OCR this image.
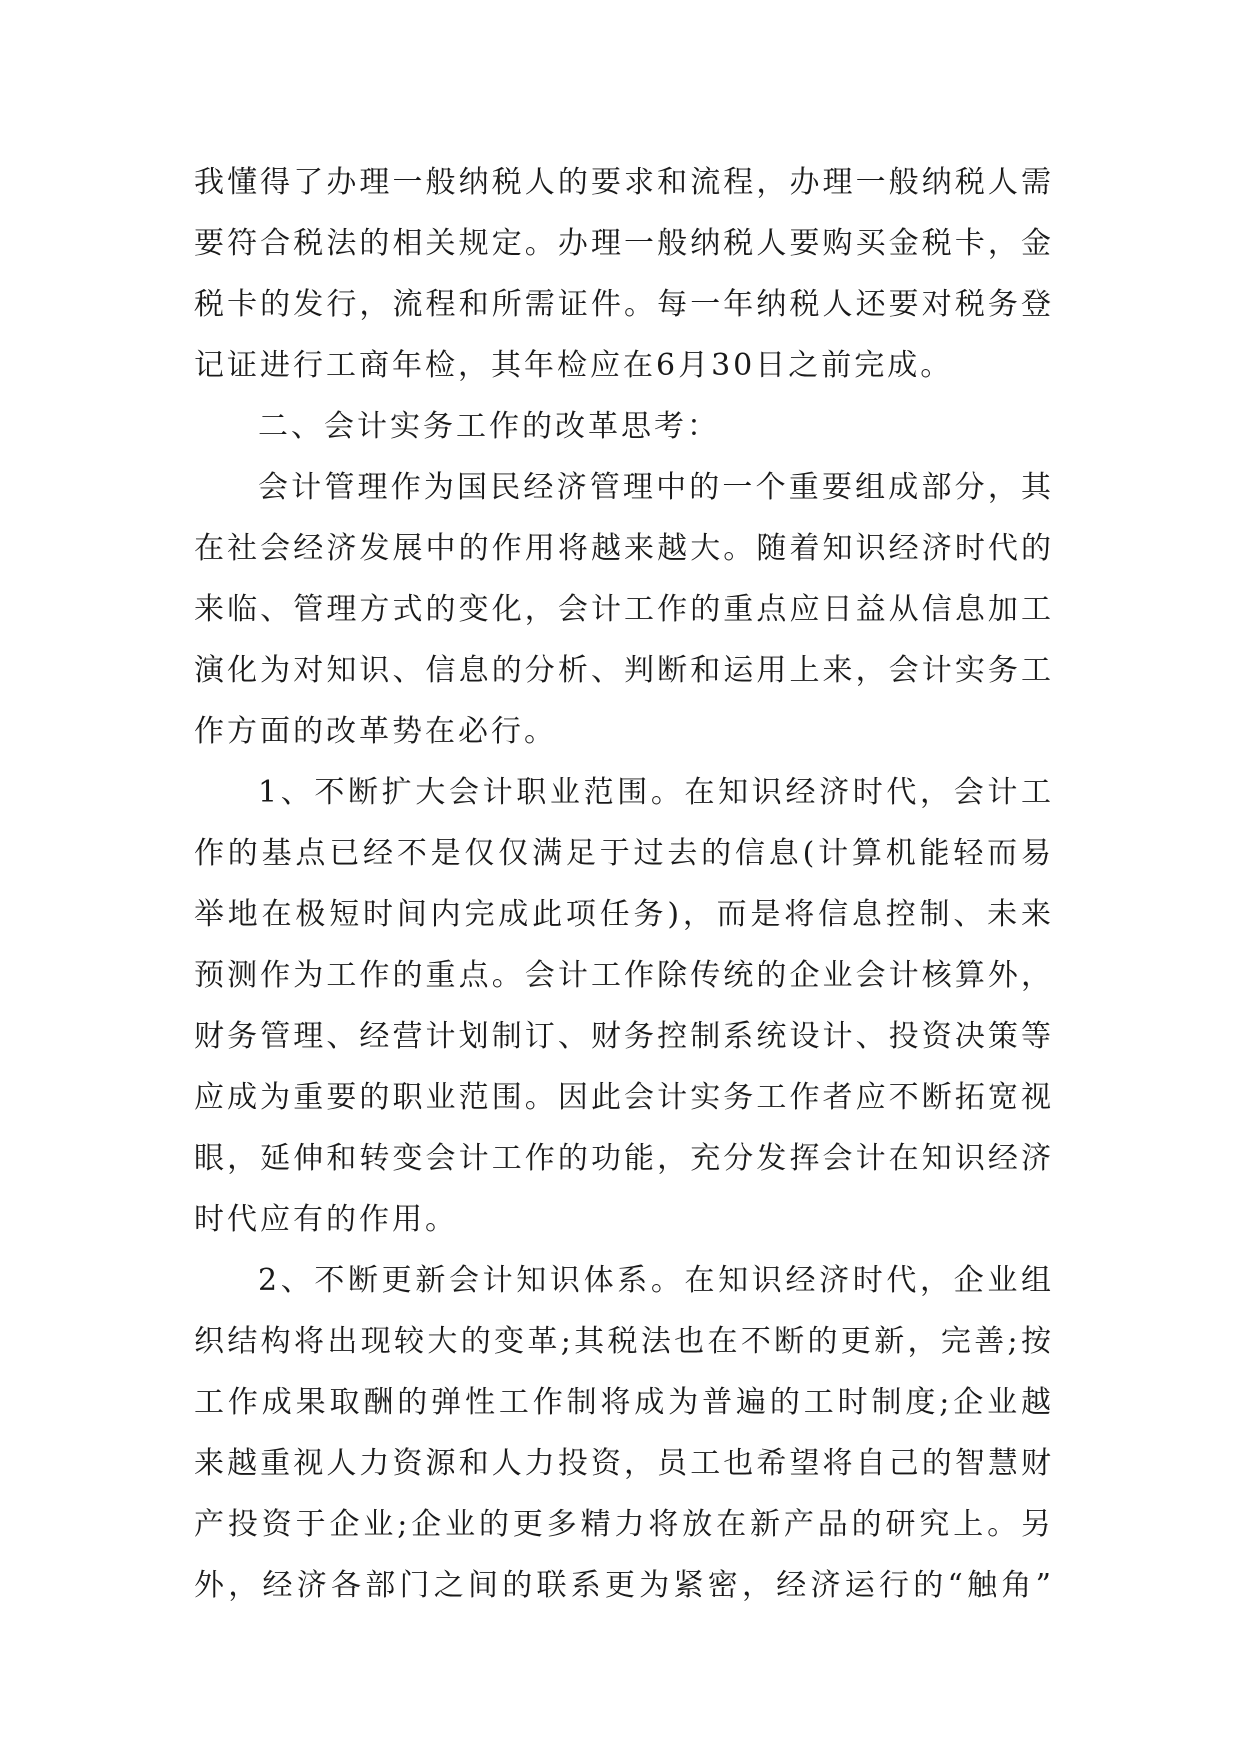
我懂得了办理一般纳税人的要求和流程，办理一般纳税人需
要符合税法的相关规定。办理一般纳税人要购买金税卡，金
税卡的发行，流程和所需证件。每一年纳税人还要对税务登
记证进行工商年检，其年检应在6月30日之前完成。
二、会计实务工作的改革思考：
会计管理作为国民经济管理中的一个重要组成部分，其
在社会经济发展中的作用将越来越大。随着知识经济时代的
来临、管理方式的变化，会计工作的重点应日益从信息加工
演化为对知识、信息的分析、判断和运用上来，会计实务工
作方面的改革势在必行。
1、不断扩大会计职业范围。在知识经济时代，会计工
作的基点已经不是仅仅满足于过去的信息(计算机能轻而易
举地在极短时间内完成此项任务)，而是将信息控制、未来
预测作为工作的重点。会计工作除传统的企业会计核算外，
财务管理、经营计划制订、财务控制系统设计、投资决策等
应成为重要的职业范围。因此会计实务工作者应不断拓宽视
眼，延伸和转变会计工作的功能，充分发挥会计在知识经济
时代应有的作用。
2、不断更新会计知识体系。在知识经济时代，企业组
织结构将出现较大的变革;其税法也在不断的更新，完善;按
工作成果取酬的弹性工作制将成为普遍的工时制度;企业越
来越重视人力资源和人力投资，员工也希望将自己的智慧财
产投资于企业;企业的更多精力将放在新产品的研究上。另
外，经济各部门之间的联系更为紧密，经济运行的“触角”
